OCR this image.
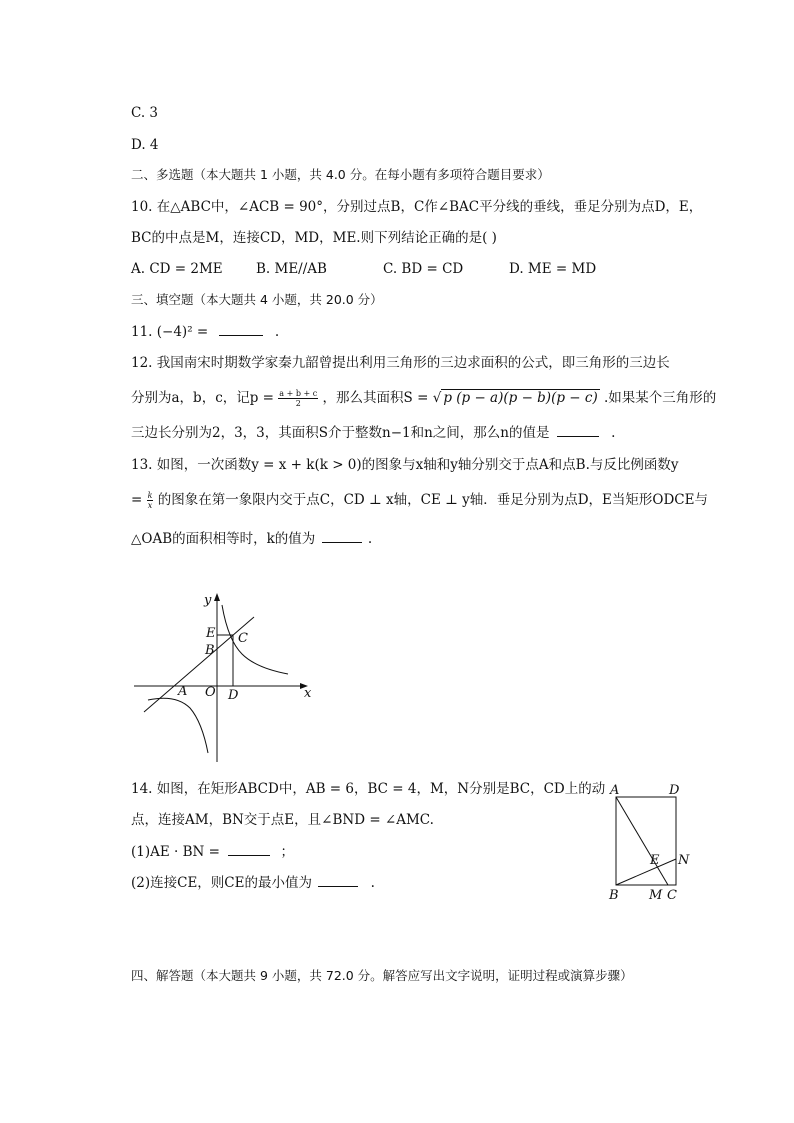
C. 3
D. 4
二、多选题（本大题共 1 小题，共 4.0 分。在每小题有多项符合题目要求）
10. 在△ABC中，∠ACB = 90°，分别过点B，C作∠BAC平分线的垂线，垂足分别为点D，E，
BC的中点是M，连接CD，MD，ME.则下列结论正确的是( )
A. CD = 2ME B. ME//AB	C. BD = CD	D. ME = MD
三、填空题（本大题共 4 小题，共 20.0 分）
11. (−4)² =	.
12. 我国南宋时期数学家秦九韶曾提出利用三角形的三边求面积的公式，即三角形的三边长
分别为a，b，c，记$p = \frac{a + b + c}{2}$ ，那么其面积S = √ p (p − a)(p − b)(p − c) .如果某个三角形的
三边长分别为2，3，3，其面积S介于整数n−1和n之间，那么n的值是	.
13. 如图，一次函数y = x + k(k > 0)的图象与x轴和y轴分别交于点A和点B.与反比例函数y
= $\frac{k}{x}$ 的图象在第一象限内交于点C，CD ⊥ x轴，CE ⊥ y轴．垂足分别为点D，E当矩形ODCE与
△OAB的面积相等时，k的值为	.
y
x
E
B
C
A O D
14. 如图，在矩形ABCD中，AB = 6，BC = 4，M，N分别是BC，CD上的动
点，连接AM，BN交于点E，且∠BND = ∠AMC.
(1)AE · BN =	；
(2)连接CE，则CE的最小值为	.
A	D
E N
B M C
四、解答题（本大题共 9 小题，共 72.0 分。解答应写出文字说明，证明过程或演算步骤）
